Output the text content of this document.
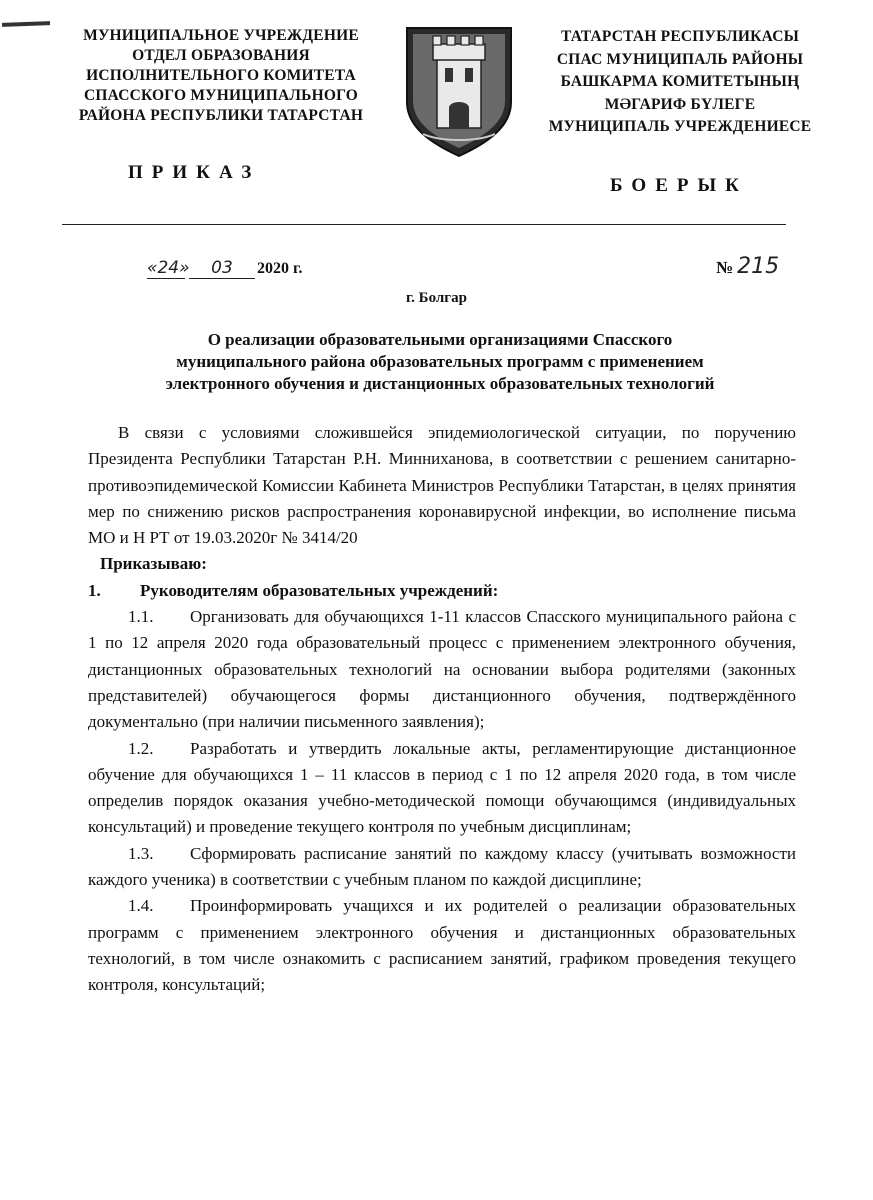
МУНИЦИПАЛЬНОЕ УЧРЕЖДЕНИЕ
ОТДЕЛ ОБРАЗОВАНИЯ
ИСПОЛНИТЕЛЬНОГО КОМИТЕТА
СПАССКОГО МУНИЦИПАЛЬНОГО
РАЙОНА РЕСПУБЛИКИ ТАТАРСТАН
ТАТАРСТАН РЕСПУБЛИКАСЫ
СПАС МУНИЦИПАЛЬ РАЙОНЫ
БАШКАРМА КОМИТЕТЫНЫҢ
МӘГАРИФ БҮЛЕГЕ
МУНИЦИПАЛЬ УЧРЕЖДЕНИЕСЕ
ПРИКАЗ
БОЕРЫК
«24» 03 2020 г.	№ 215
г. Болгар
О реализации образовательными организациями Спасского
муниципального района образовательных программ с применением
электронного обучения и дистанционных образовательных технологий

В связи с условиями сложившейся эпидемиологической ситуации, по поручению Президента Республики Татарстан Р.Н. Минниханова, в соответствии с решением санитарно-противоэпидемической Комиссии Кабинета Министров Республики Татарстан, в целях принятия мер по снижению рисков распространения коронавирусной инфекции, во исполнение письма МО и Н РТ от 19.03.2020г № 3414/20

Приказываю:

1.	Руководителям образовательных учреждений:

1.1. Организовать для обучающихся 1-11 классов Спасского муниципального района с 1 по 12 апреля 2020 года образовательный процесс с применением электронного обучения, дистанционных образовательных технологий на основании выбора родителями (законных представителей) обучающегося формы дистанционного обучения, подтверждённого документально (при наличии письменного заявления);

1.2. Разработать и утвердить локальные акты, регламентирующие дистанционное обучение для обучающихся 1 – 11 классов в период с 1 по 12 апреля 2020 года, в том числе определив порядок оказания учебно-методической помощи обучающимся (индивидуальных консультаций) и проведение текущего контроля по учебным дисциплинам;

1.3. Сформировать расписание занятий по каждому классу (учитывать возможности каждого ученика) в соответствии с учебным планом по каждой дисциплине;

1.4. Проинформировать учащихся и их родителей о реализации образовательных программ с применением электронного обучения и дистанционных образовательных технологий, в том числе ознакомить с расписанием занятий, графиком проведения текущего контроля, консультаций;
